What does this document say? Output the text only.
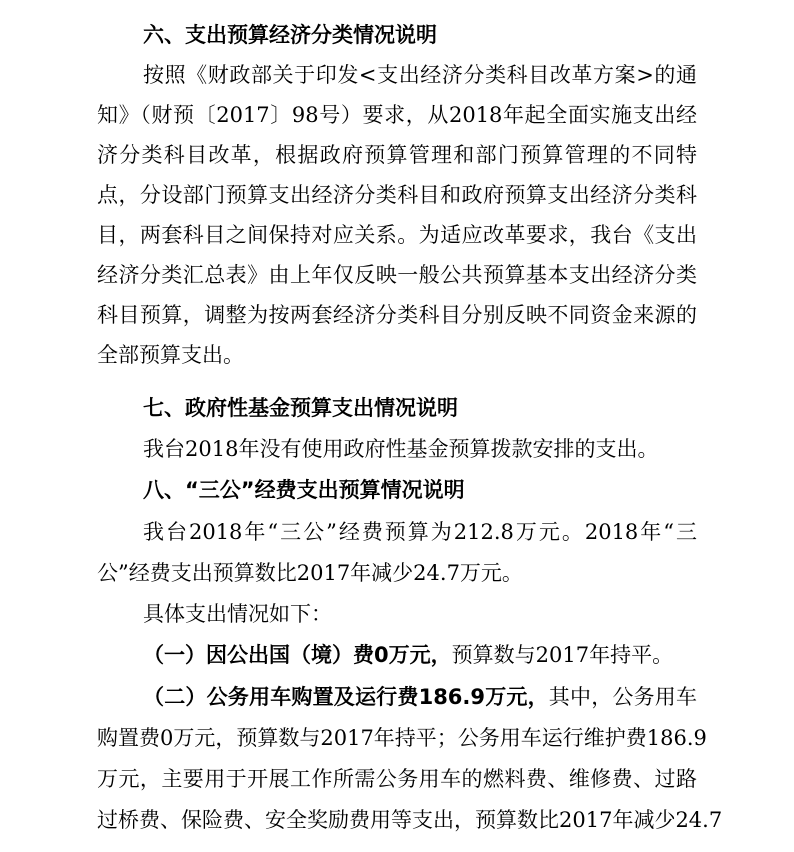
六、支出预算经济分类情况说明
按照《财政部关于印发<支出经济分类科目改革方案>的通
知》（财预〔2017〕98号）要求，从2018年起全面实施支出经
济分类科目改革，根据政府预算管理和部门预算管理的不同特
点，分设部门预算支出经济分类科目和政府预算支出经济分类科
目，两套科目之间保持对应关系。为适应改革要求，我台《支出
经济分类汇总表》由上年仅反映一般公共预算基本支出经济分类
科目预算，调整为按两套经济分类科目分别反映不同资金来源的
全部预算支出。
七、政府性基金预算支出情况说明
我台2018年没有使用政府性基金预算拨款安排的支出。
八、“三公”经费支出预算情况说明
我台2018年“三公”经费预算为212.8万元。2018年“三
公”经费支出预算数比2017年减少24.7万元。
具体支出情况如下：
（一）因公出国（境）费0万元，预算数与2017年持平。
（二）公务用车购置及运行费186.9万元，其中，公务用车
购置费0万元，预算数与2017年持平；公务用车运行维护费186.9
万元，主要用于开展工作所需公务用车的燃料费、维修费、过路
过桥费、保险费、安全奖励费用等支出，预算数比2017年减少24.7
